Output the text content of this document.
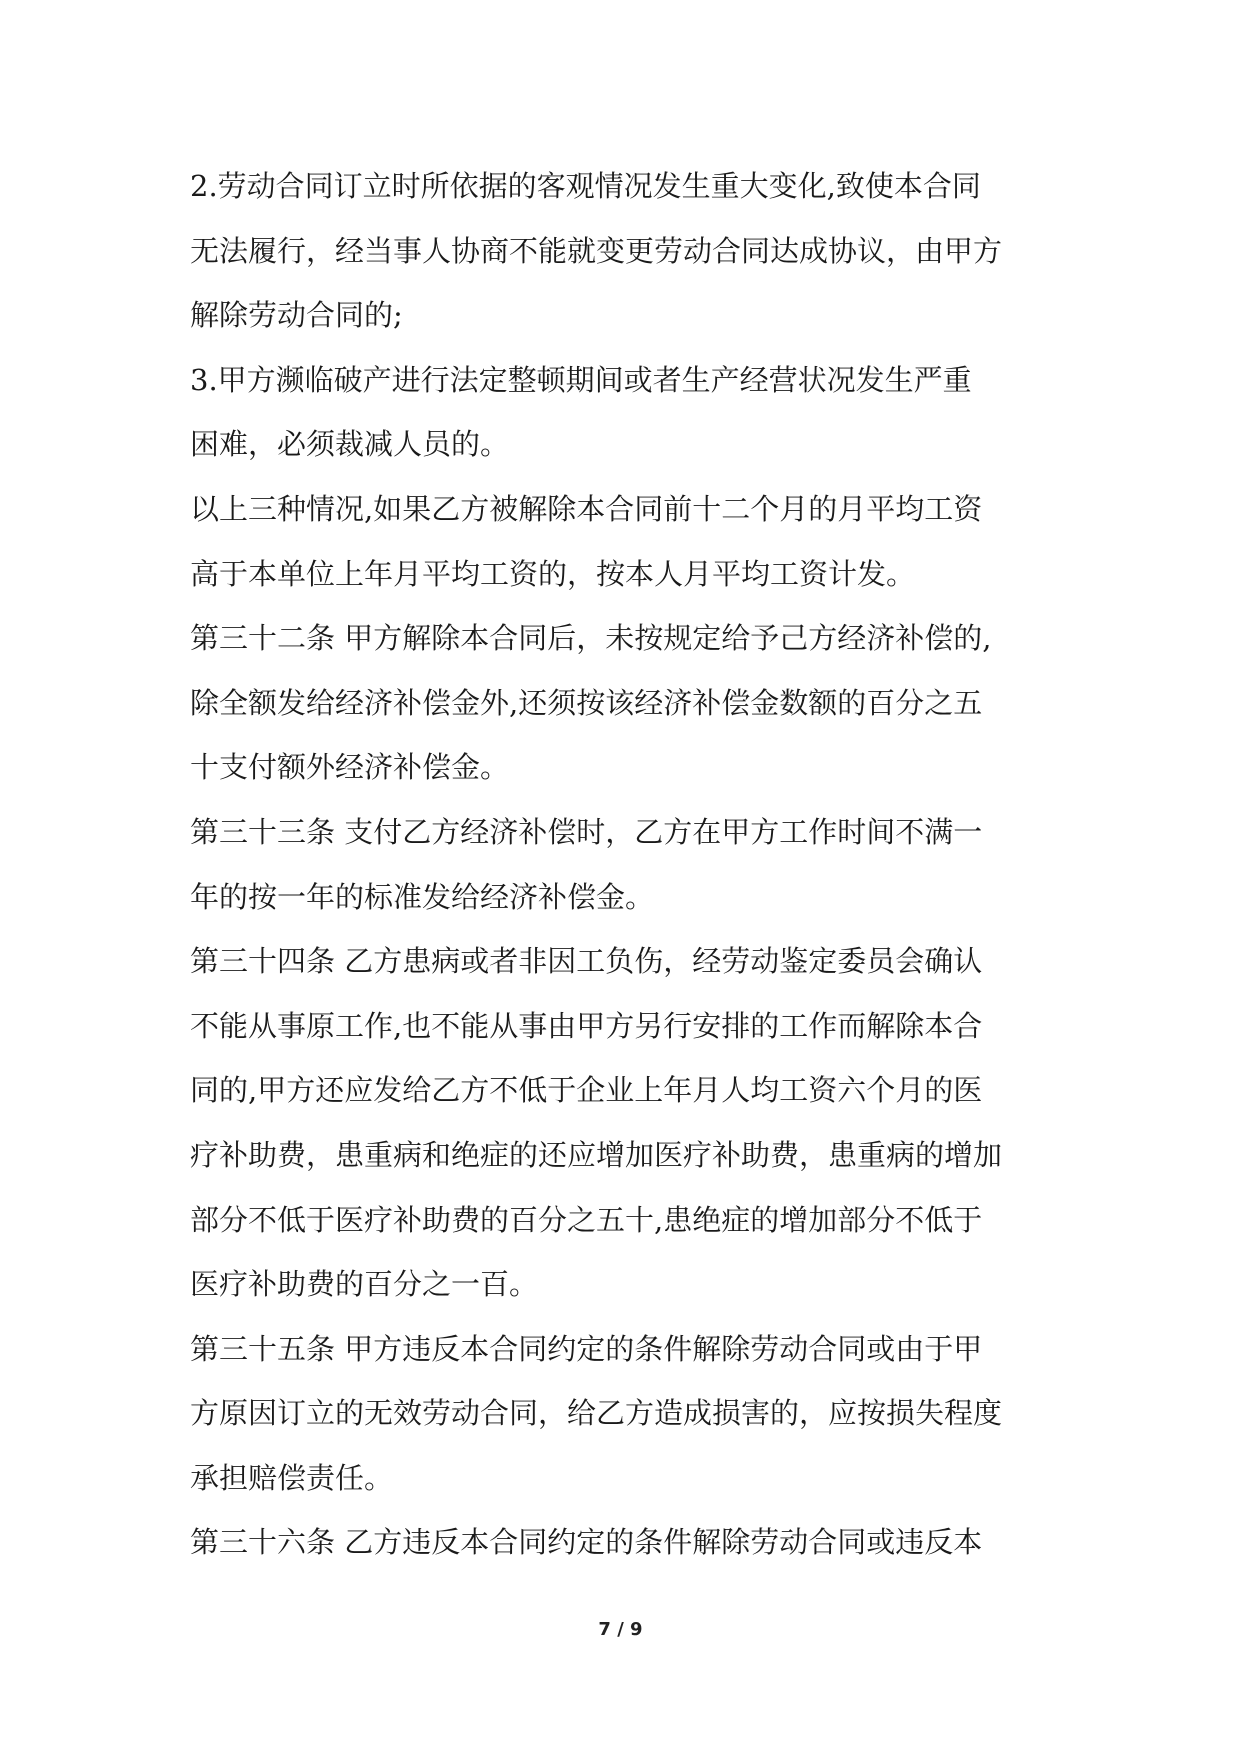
2.劳动合同订立时所依据的客观情况发生重大变化,致使本合同
无法履行，经当事人协商不能就变更劳动合同达成协议，由甲方
解除劳动合同的;
3.甲方濒临破产进行法定整顿期间或者生产经营状况发生严重
困难，必须裁减人员的。
以上三种情况,如果乙方被解除本合同前十二个月的月平均工资
高于本单位上年月平均工资的，按本人月平均工资计发。
第三十二条 甲方解除本合同后，未按规定给予己方经济补偿的,
除全额发给经济补偿金外,还须按该经济补偿金数额的百分之五
十支付额外经济补偿金。
第三十三条 支付乙方经济补偿时，乙方在甲方工作时间不满一
年的按一年的标准发给经济补偿金。
第三十四条 乙方患病或者非因工负伤，经劳动鉴定委员会确认
不能从事原工作,也不能从事由甲方另行安排的工作而解除本合
同的,甲方还应发给乙方不低于企业上年月人均工资六个月的医
疗补助费，患重病和绝症的还应增加医疗补助费，患重病的增加
部分不低于医疗补助费的百分之五十,患绝症的增加部分不低于
医疗补助费的百分之一百。
第三十五条 甲方违反本合同约定的条件解除劳动合同或由于甲
方原因订立的无效劳动合同，给乙方造成损害的，应按损失程度
承担赔偿责任。
第三十六条 乙方违反本合同约定的条件解除劳动合同或违反本
7 / 9
